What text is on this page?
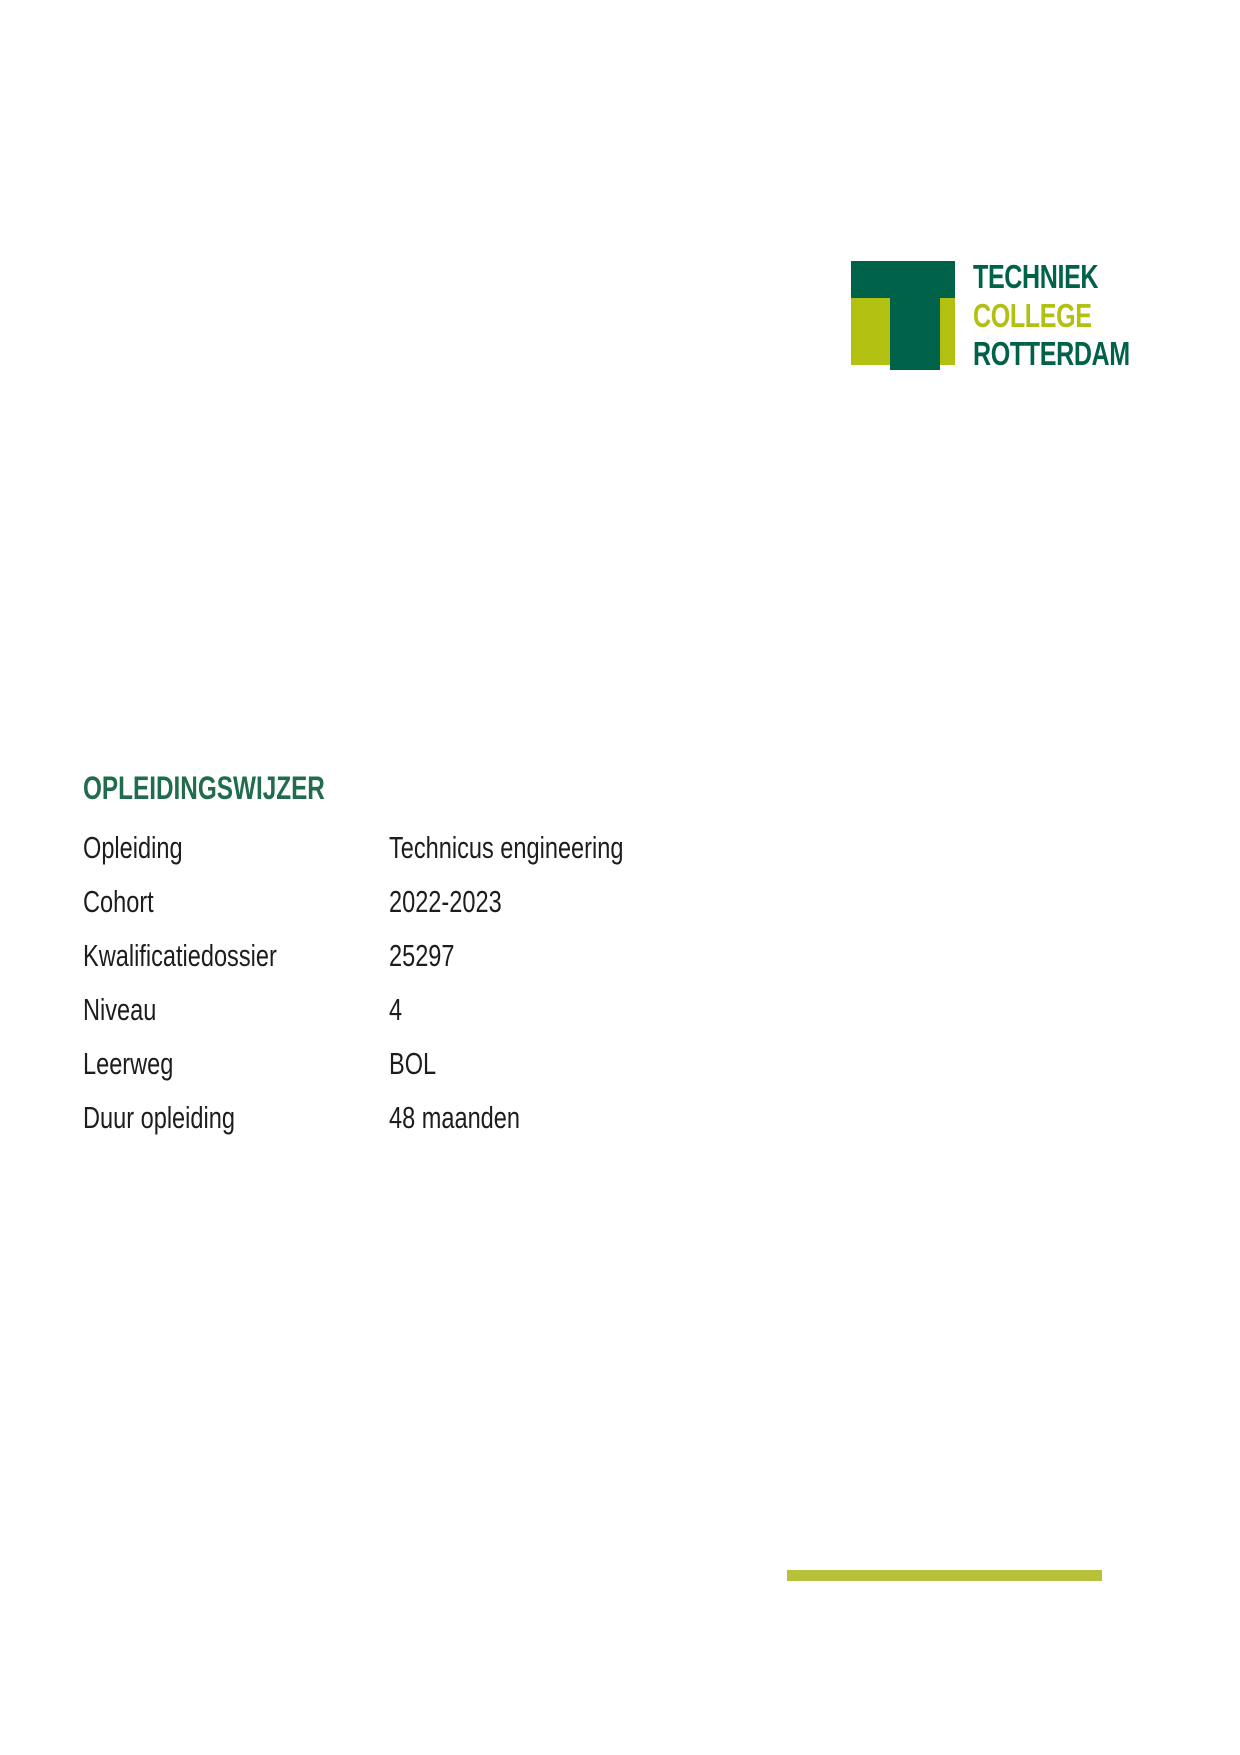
TECHNIEK
COLLEGE
ROTTERDAM
OPLEIDINGSWIJZER
Opleiding	Technicus engineering
Cohort	2022-2023
Kwalificatiedossier	25297
Niveau	4
Leerweg	BOL
Duur opleiding	48 maanden
